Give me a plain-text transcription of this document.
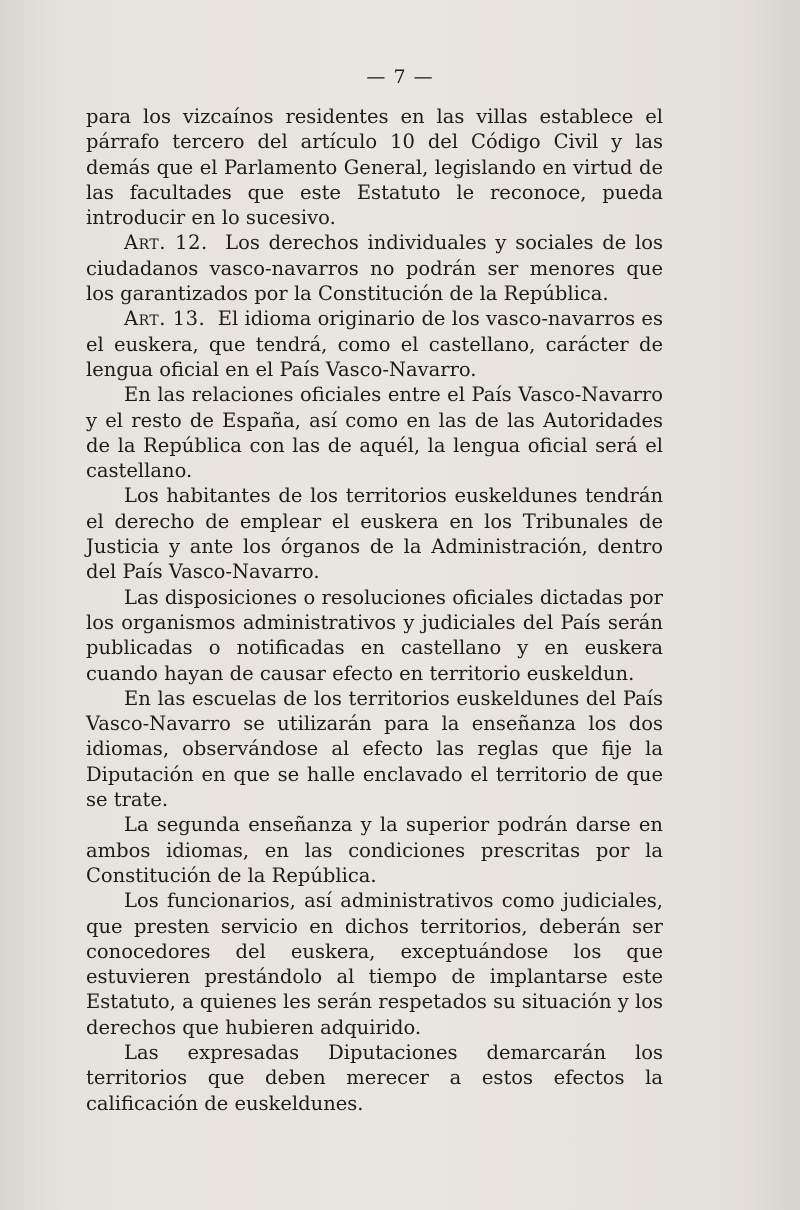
— 7 —

para los vizcaínos residentes en las villas establece el párrafo tercero del artículo 10 del Código Civil y las demás que el Parlamento General, legislando en virtud de las facultades que este Estatuto le reconoce, pueda introducir en lo sucesivo.

Art. 12. Los derechos individuales y sociales de los ciudadanos vasco-navarros no podrán ser menores que los garantizados por la Constitución de la República.

Art. 13. El idioma originario de los vasco-navarros es el euskera, que tendrá, como el castellano, carácter de lengua oficial en el País Vasco-Navarro.

En las relaciones oficiales entre el País Vasco-Navarro y el resto de España, así como en las de las Autoridades de la República con las de aquél, la lengua oficial será el castellano.

Los habitantes de los territorios euskeldunes tendrán el derecho de emplear el euskera en los Tribunales de Justicia y ante los órganos de la Administración, dentro del País Vasco-Navarro.

Las disposiciones o resoluciones oficiales dictadas por los organismos administrativos y judiciales del País serán publicadas o notificadas en castellano y en euskera cuando hayan de causar efecto en territorio euskeldun.

En las escuelas de los territorios euskeldunes del País Vasco-Navarro se utilizarán para la enseñanza los dos idiomas, observándose al efecto las reglas que fije la Diputación en que se halle enclavado el territorio de que se trate.

La segunda enseñanza y la superior podrán darse en ambos idiomas, en las condiciones prescritas por la Constitución de la República.

Los funcionarios, así administrativos como judiciales, que presten servicio en dichos territorios, deberán ser conocedores del euskera, exceptuándose los que estuvieren prestándolo al tiempo de implantarse este Estatuto, a quienes les serán respetados su situación y los derechos que hubieren adquirido.

Las expresadas Diputaciones demarcarán los territorios que deben merecer a estos efectos la calificación de euskeldunes.
